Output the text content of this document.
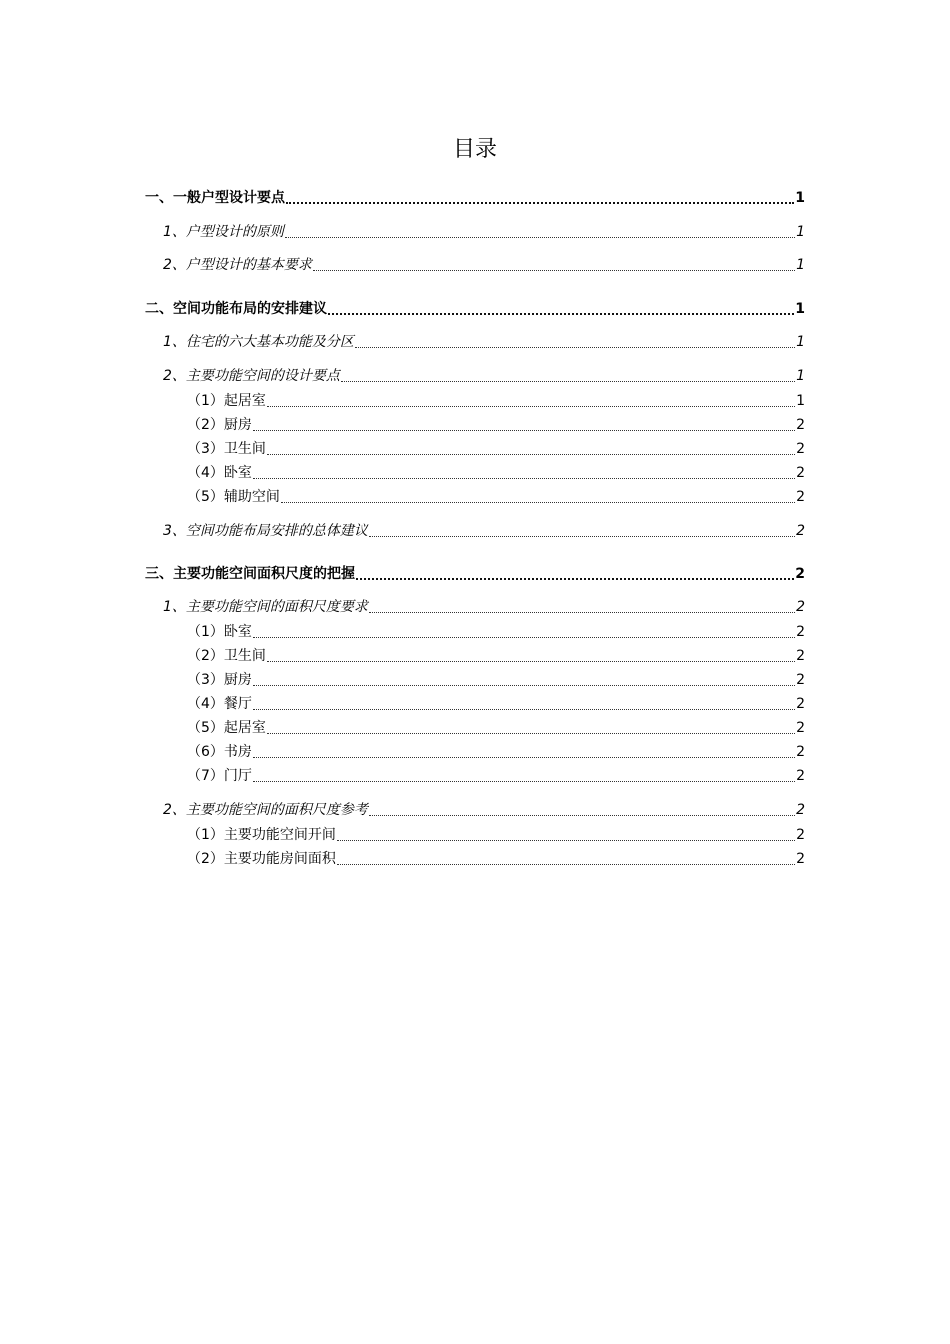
目录
一、一般户型设计要点	1
1、户型设计的原则	1
2、户型设计的基本要求	1
二、空间功能布局的安排建议	1
1、住宅的六大基本功能及分区	1
2、主要功能空间的设计要点	1
（1）起居室	1
（2）厨房	2
（3）卫生间	2
（4）卧室	2
（5）辅助空间	2
3、空间功能布局安排的总体建议	2
三、主要功能空间面积尺度的把握	2
1、主要功能空间的面积尺度要求	2
（1）卧室	2
（2）卫生间	2
（3）厨房	2
（4）餐厅	2
（5）起居室	2
（6）书房	2
（7）门厅	2
2、主要功能空间的面积尺度参考	2
（1）主要功能空间开间	2
（2）主要功能房间面积	2
